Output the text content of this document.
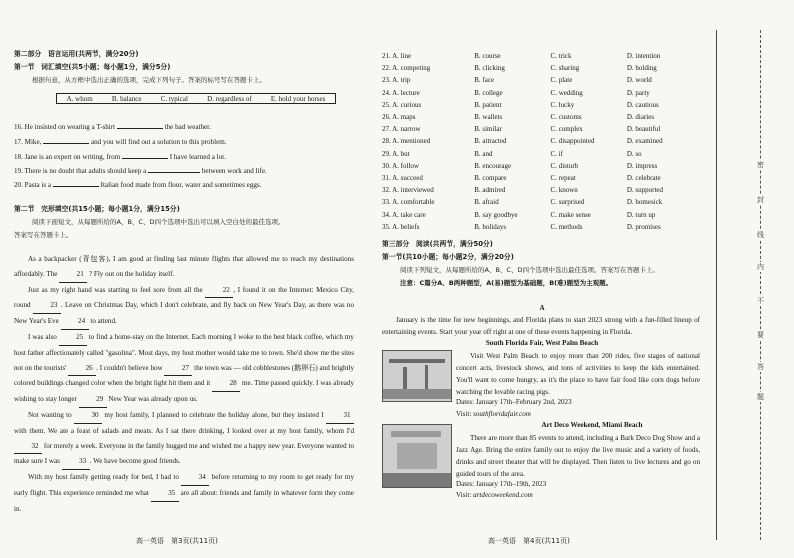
第二部分　语言运用(共两节，满分20分)
第一节　词汇填空(共5小题；每小题1分，满分5分)
根据句意，从方框中选出正确的选项，完成下列句子。答案的标号写在答题卡上。
A. whom	B. balance	C. typical	D. regardless of	E. hold your horses
16. He insisted on wearing a T-shirt	the bad weather.
17. Mike,	and you will find out a solution to this problem.
18. Jane is an expert on writing, from	I have learned a lot.
19. There is no doubt that adults should keep a	between work and life.
20. Pasta is a	Italian food made from flour, water and sometimes eggs.
第二节　完形填空(共15小题；每小题1分，满分15分)
阅读下面短文，从每题所给的A、B、C、D四个选项中选出可以填入空白处的最佳选项。
答案写在答题卡上。
As a backpacker (背包客), I am good at finding last minute flights that allowed me to reach my destinations affordably. The 21 ? Fly out on the holiday itself.
Just as my right hand was starting to feel sore from all the 22 , I found it on the Internet: Mexico City, round 23 . Leave on Christmas Day, which I don't celebrate, and fly back on New Year's Day, as there was no New Year's Eve 24 to attend.
I was also 25 to find a home-stay on the Internet. Each morning I woke to the best black coffee, which my host father affectionately called "gasolina". Most days, my host mother would take me to town. She'd show me the sites not on the tourists' 26 . I couldn't believe how 27 the town was — old cobblestones (鹅卵石) and brightly colored buildings changed color when the bright light hit them and it 28 me. Time passed quickly. I was already wishing to stay longer 29 New Year was already upon us.
Not wanting to 30 my host family, I planned to celebrate the holiday alone, but they insisted I 31 with them. We ate a feast of salads and meats. As I sat there drinking, I looked over at my host family, whom I'd 32 for merely a week. Everyone in the family hugged me and wished me a happy new year. Everyone wanted to make sure I was 33 . We have become good friends.
With my host family getting ready for bed, I had to 34 before returning to my room to get ready for my early flight. This experience reminded me what 35 are all about: friends and family in whatever form they come in.
高一英语　第3页(共11页)
21. A. line	B. course	C. trick	D. intention
22. A. competing	B. clicking	C. sharing	D. holding
23. A. trip	B. face	C. plate	D. world
24. A. lecture	B. college	C. wedding	D. party
25. A. curious	B. patient	C. lucky	D. cautious
26. A. maps	B. wallets	C. customs	D. diaries
27. A. narrow	B. similar	C. complex	D. beautiful
28. A. mentioned	B. attracted	C. disappointed	D. examined
29. A. but	B. and	C. if	D. so
30. A. follow	B. encourage	C. disturb	D. impress
31. A. succeed	B. compare	C. repeat	D. celebrate
32. A. interviewed	B. admired	C. known	D. supported
33. A. comfortable	B. afraid	C. surprised	D. homesick
34. A. take care	B. say goodbye	C. make sense	D. turn up
35. A. beliefs	B. holidays	C. methods	D. promises
第三部分　阅读(共两节，满分50分)
第一节(共10小题；每小题2分，满分20分)
阅读下列短文，从每题所给的A、B、C、D四个选项中选出最佳选项。答案写在答题卡上。
注意：C篇分A、B两种题型，A(易)题型为基础题，B(难)题型为主观题。
A
January is the time for new beginnings, and Florida plans to start 2023 strong with a fun-filled lineup of entertaining events. Start your year off right at one of these events happening in Florida.
South Florida Fair, West Palm Beach
Visit West Palm Beach to enjoy more than 200 rides, five stages of national concert acts, livestock shows, and tons of activities to keep the kids entertained. You'll want to come hungry, as it's the place to have fair food like corn dogs before watching the lovable racing pigs.
Dates: January 17th–February 2nd, 2023
Visit: southfloridafair.com
Art Deco Weekend, Miami Beach
There are more than 85 events to attend, including a Bark Deco Dog Show and a Jazz Age. Bring the entire family out to enjoy the live music and a variety of foods, drinks and street theater that will be displayed. Then listen to live lectures and go on guided tours of the area.
Dates: January 17th–19th, 2023
Visit: artdecoweekend.com
高一英语　第4页(共11页)
密
封
线
内
不
要
答
题
